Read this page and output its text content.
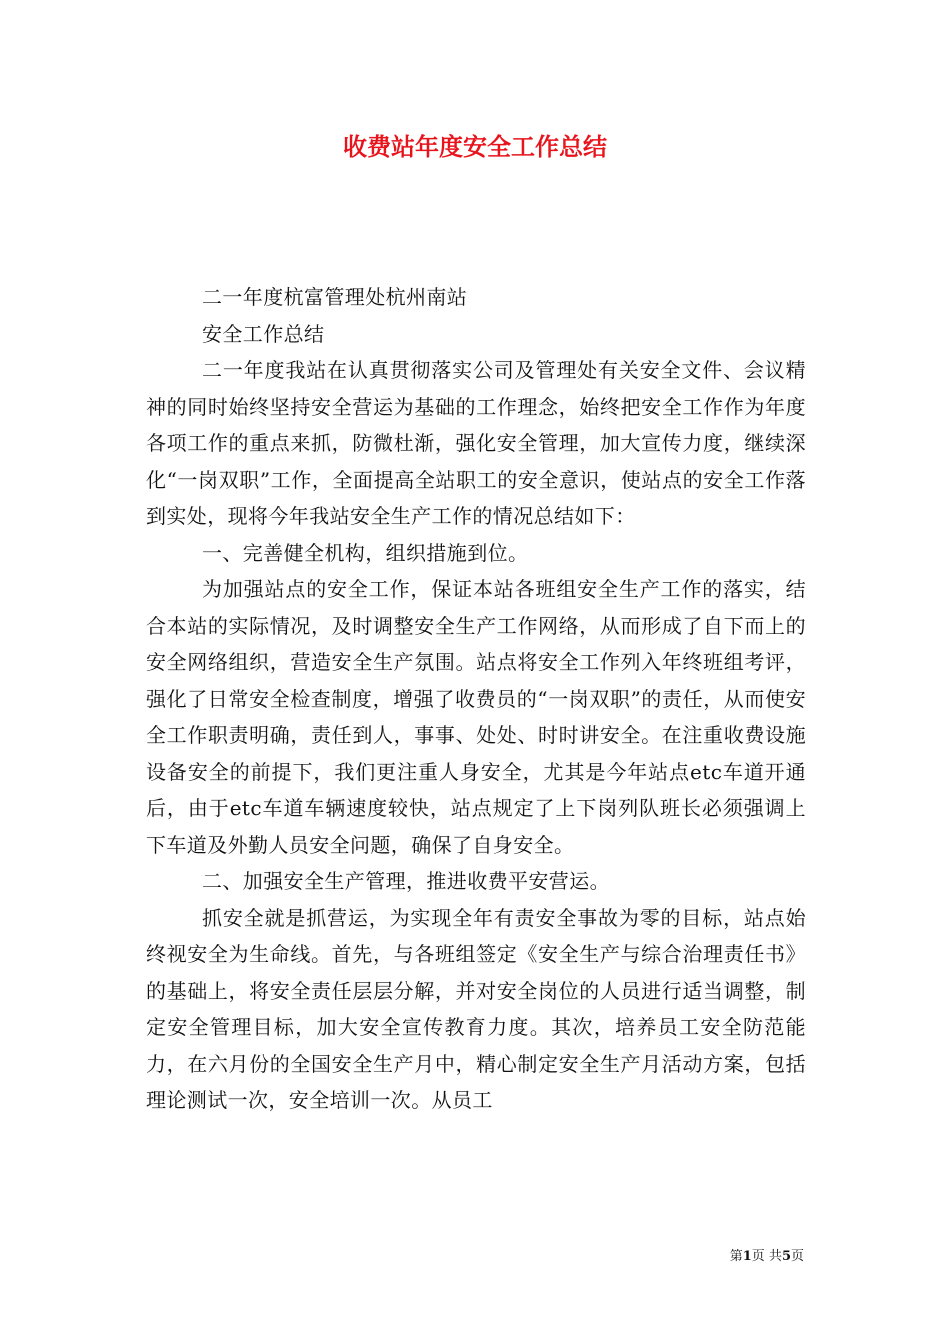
收费站年度安全工作总结

二一年度杭富管理处杭州南站

安全工作总结

二一年度我站在认真贯彻落实公司及管理处有关安全文件、会议精神的同时始终坚持安全营运为基础的工作理念，始终把安全工作作为年度各项工作的重点来抓，防微杜渐，强化安全管理，加大宣传力度，继续深化“一岗双职”工作，全面提高全站职工的安全意识，使站点的安全工作落到实处，现将今年我站安全生产工作的情况总结如下：

一、完善健全机构，组织措施到位。

为加强站点的安全工作，保证本站各班组安全生产工作的落实，结合本站的实际情况，及时调整安全生产工作网络，从而形成了自下而上的安全网络组织，营造安全生产氛围。站点将安全工作列入年终班组考评，强化了日常安全检查制度，增强了收费员的“一岗双职”的责任，从而使安全工作职责明确，责任到人，事事、处处、时时讲安全。在注重收费设施设备安全的前提下，我们更注重人身安全，尤其是今年站点etc车道开通后，由于etc车道车辆速度较快，站点规定了上下岗列队班长必须强调上下车道及外勤人员安全问题，确保了自身安全。

二、加强安全生产管理，推进收费平安营运。

抓安全就是抓营运，为实现全年有责安全事故为零的目标，站点始终视安全为生命线。首先，与各班组签定《安全生产与综合治理责任书》的基础上，将安全责任层层分解，并对安全岗位的人员进行适当调整，制定安全管理目标，加大安全宣传教育力度。其次，培养员工安全防范能力，在六月份的全国安全生产月中，精心制定安全生产月活动方案，包括理论测试一次，安全培训一次。从员工

第1页 共5页
